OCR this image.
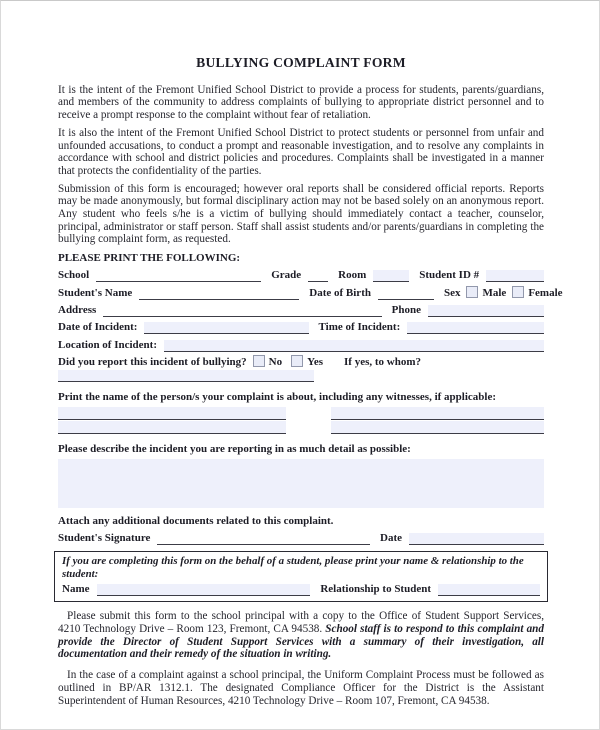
BULLYING COMPLAINT FORM

It is the intent of the Fremont Unified School District to provide a process for students, parents/guardians, and members of the community to address complaints of bullying to appropriate district personnel and to receive a prompt response to the complaint without fear of retaliation.

It is also the intent of the Fremont Unified School District to protect students or personnel from unfair and unfounded accusations, to conduct a prompt and reasonable investigation, and to resolve any complaints in accordance with school and district policies and procedures. Complaints shall be investigated in a manner that protects the confidentiality of the parties.

Submission of this form is encouraged; however oral reports shall be considered official reports. Reports may be made anonymously, but formal disciplinary action may not be based solely on an anonymous report. Any student who feels s/he is a victim of bullying should immediately contact a teacher, counselor, principal, administrator or staff person. Staff shall assist students and/or parents/guardians in completing the bullying complaint form, as requested.

PLEASE PRINT THE FOLLOWING:
School	Grade	Room	Student ID #
Student's Name	Date of Birth	Sex Male Female
Address	Phone
Date of Incident:	Time of Incident:
Location of Incident:
Did you report this incident of bullying? No Yes If yes, to whom?
Print the name of the person/s your complaint is about, including any witnesses, if applicable:
Please describe the incident you are reporting in as much detail as possible:
Attach any additional documents related to this complaint.
Student's Signature	Date
If you are completing this form on the behalf of a student, please print your name & relationship to the student:
Name	Relationship to Student

Please submit this form to the school principal with a copy to the Office of Student Support Services, 4210 Technology Drive – Room 123, Fremont, CA 94538. School staff is to respond to this complaint and provide the Director of Student Support Services with a summary of their investigation, all documentation and their remedy of the situation in writing.

In the case of a complaint against a school principal, the Uniform Complaint Process must be followed as outlined in BP/AR 1312.1. The designated Compliance Officer for the District is the Assistant Superintendent of Human Resources, 4210 Technology Drive – Room 107, Fremont, CA 94538.
